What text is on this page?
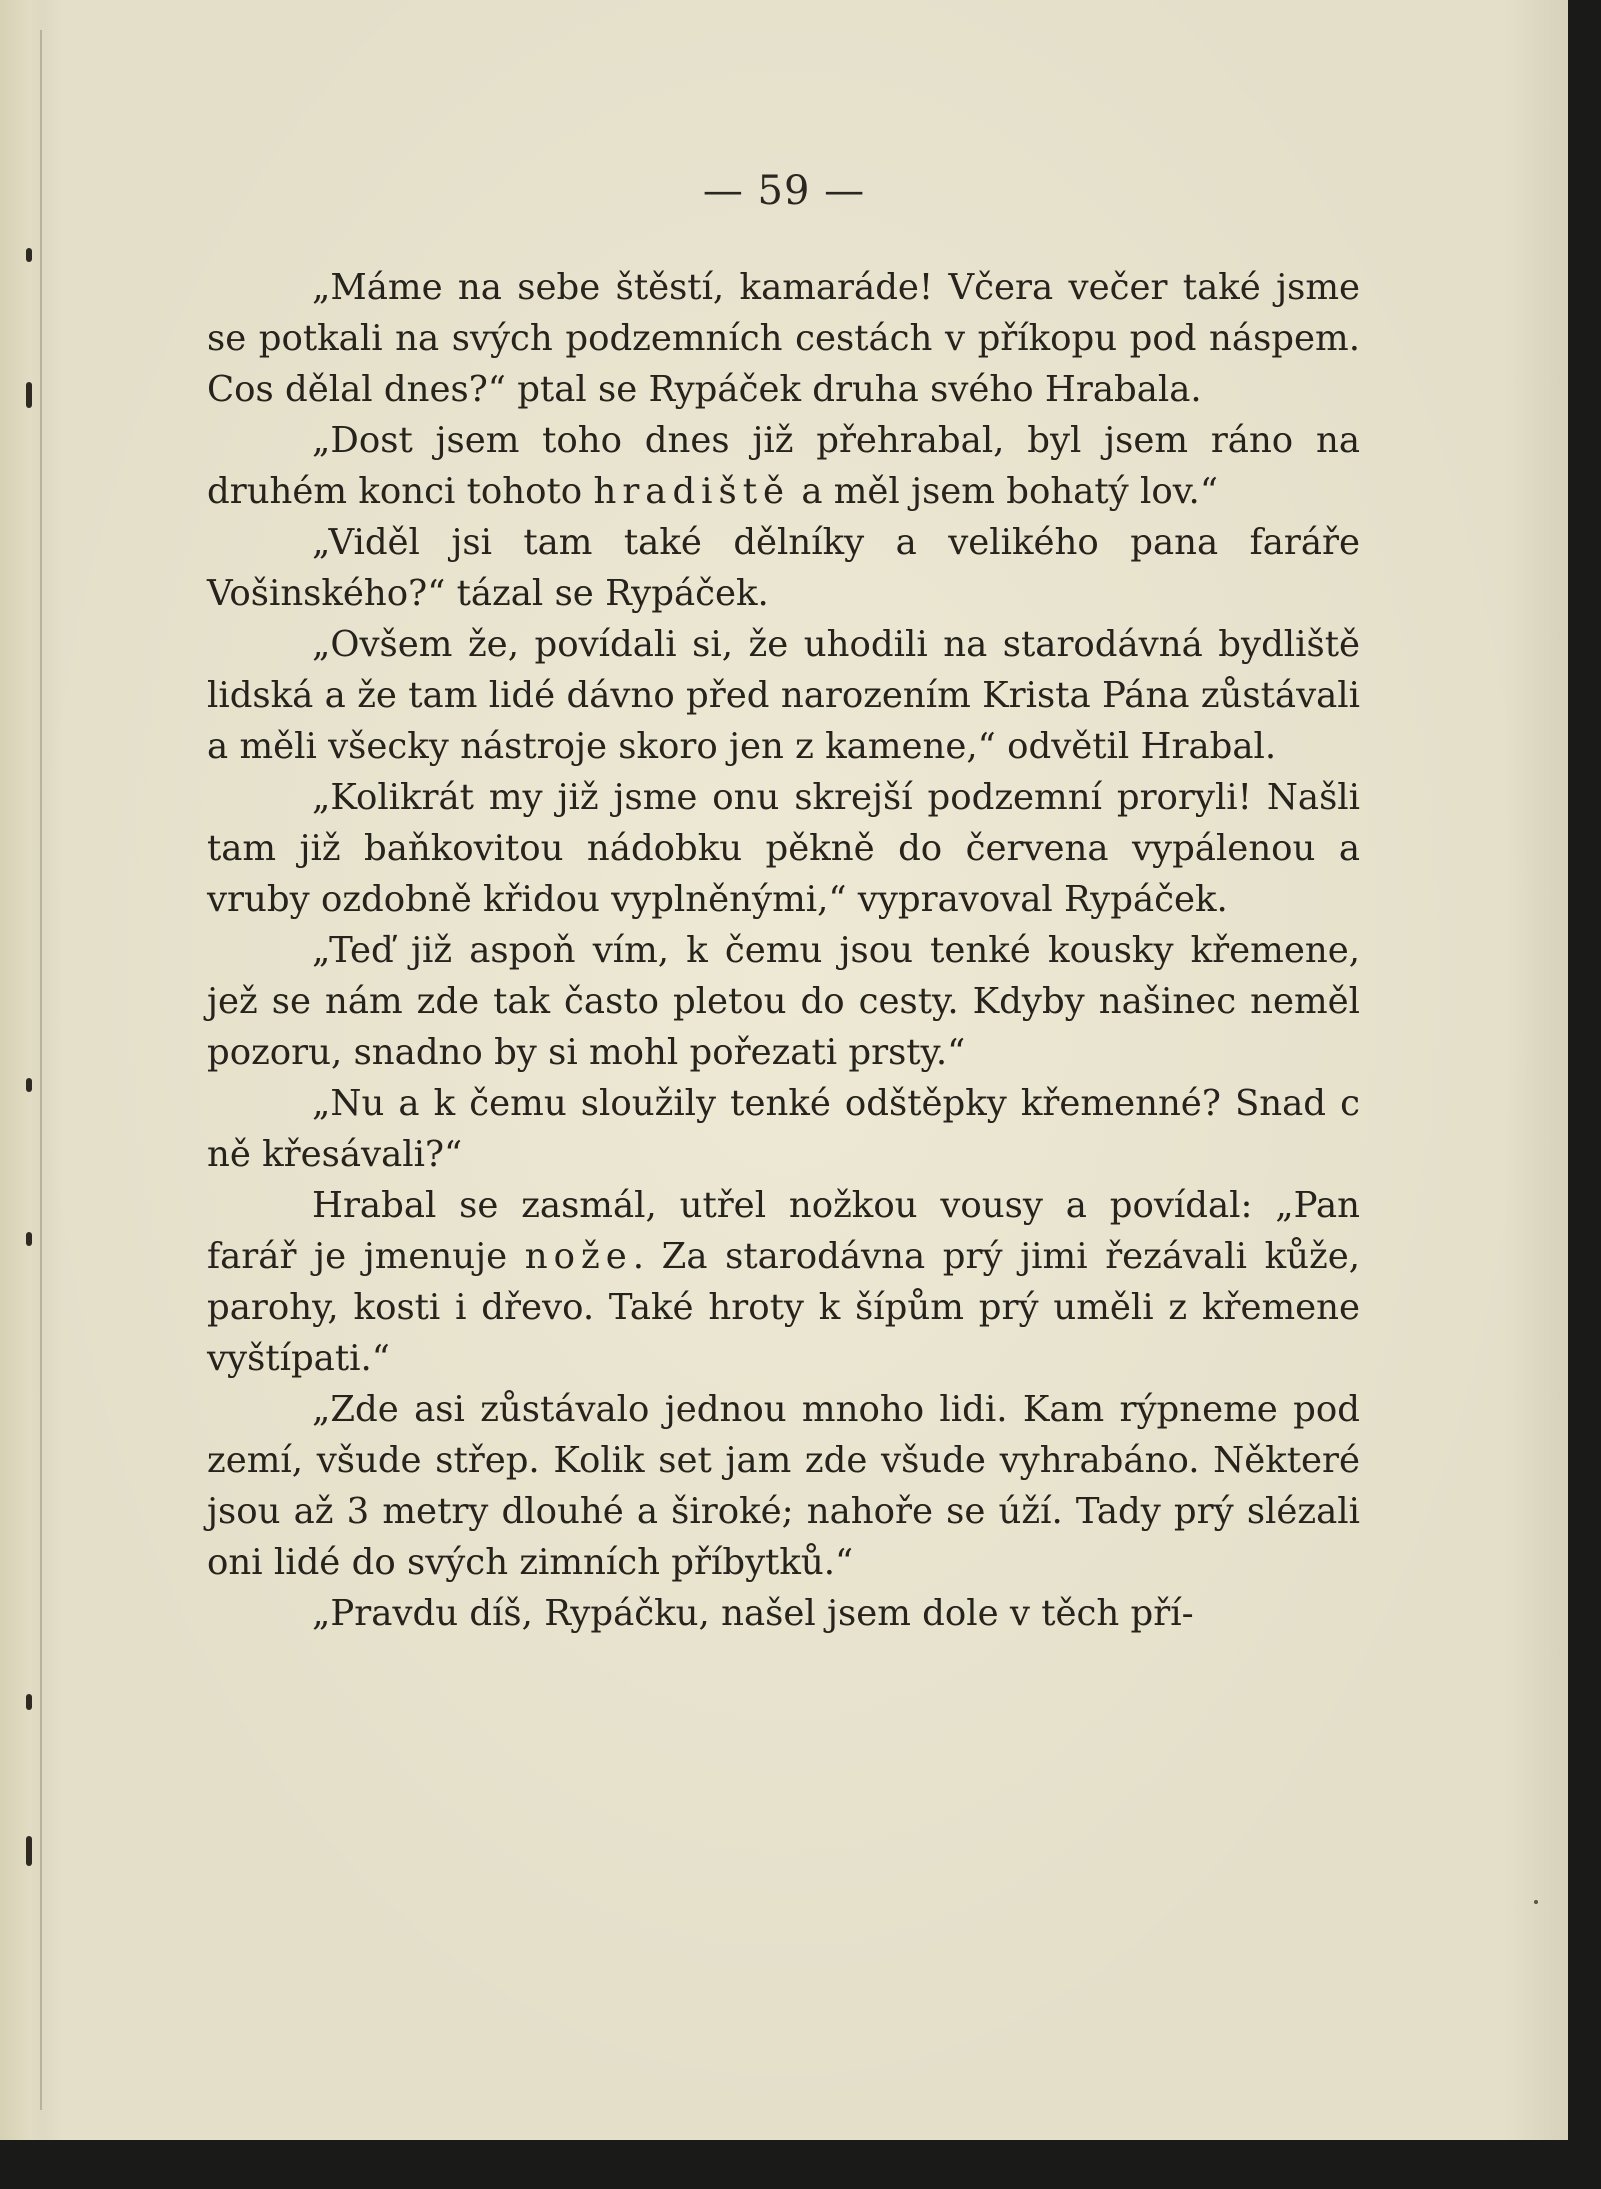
— 59 —

„Máme na sebe štěstí, kamaráde! Včera večer také jsme se potkali na svých podzemních cestách v příkopu pod náspem. Cos dělal dnes?“ ptal se Rypáček druha svého Hrabala.

„Dost jsem toho dnes již přehrabal, byl jsem ráno na druhém konci tohoto hradiště a měl jsem bohatý lov.“

„Viděl jsi tam také dělníky a velikého pana faráře Vošinského?“ tázal se Rypáček.

„Ovšem že, povídali si, že uhodili na starodávná bydliště lidská a že tam lidé dávno před narozením Krista Pána zůstávali a měli všecky nástroje skoro jen z kamene,“ odvětil Hrabal.

„Kolikrát my již jsme onu skrejší podzemní proryli! Našli tam již baňkovitou nádobku pěkně do červena vypálenou a vruby ozdobně křidou vyplněnými,“ vypravoval Rypáček.

„Teď již aspoň vím, k čemu jsou tenké kousky křemene, jež se nám zde tak často pletou do cesty. Kdyby našinec neměl pozoru, snadno by si mohl pořezati prsty.“

„Nu a k čemu sloužily tenké odštěpky křemenné? Snad c ně křesávali?“

Hrabal se zasmál, utřel nožkou vousy a povídal: „Pan farář je jmenuje nože. Za starodávna prý jimi řezávali kůže, parohy, kosti i dřevo. Také hroty k šípům prý uměli z křemene vyštípati.“

„Zde asi zůstávalo jednou mnoho lidi. Kam rýpneme pod zemí, všude střep. Kolik set jam zde všude vyhrabáno. Některé jsou až 3 metry dlouhé a široké; nahoře se úží. Tady prý slézali oni lidé do svých zimních příbytků.“

„Pravdu díš, Rypáčku, našel jsem dole v těch pří-
